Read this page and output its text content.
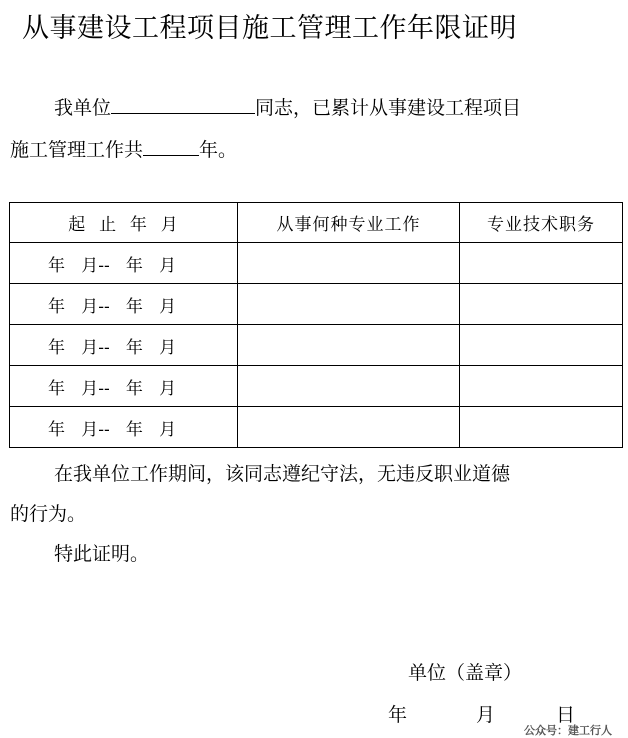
从事建设工程项目施工管理工作年限证明
我单位	同志，已累计从事建设工程项目
施工管理工作共	年。
起  止  年  月	从事何种专业工作	专业技术职务
年   月--   年   月		
年   月--   年   月		
年   月--   年   月		
年   月--   年   月		
年   月--   年   月		
在我单位工作期间，该同志遵纪守法，无违反职业道德
的行为。
特此证明。
单位（盖章）
年	月	日
公众号：建工行人
